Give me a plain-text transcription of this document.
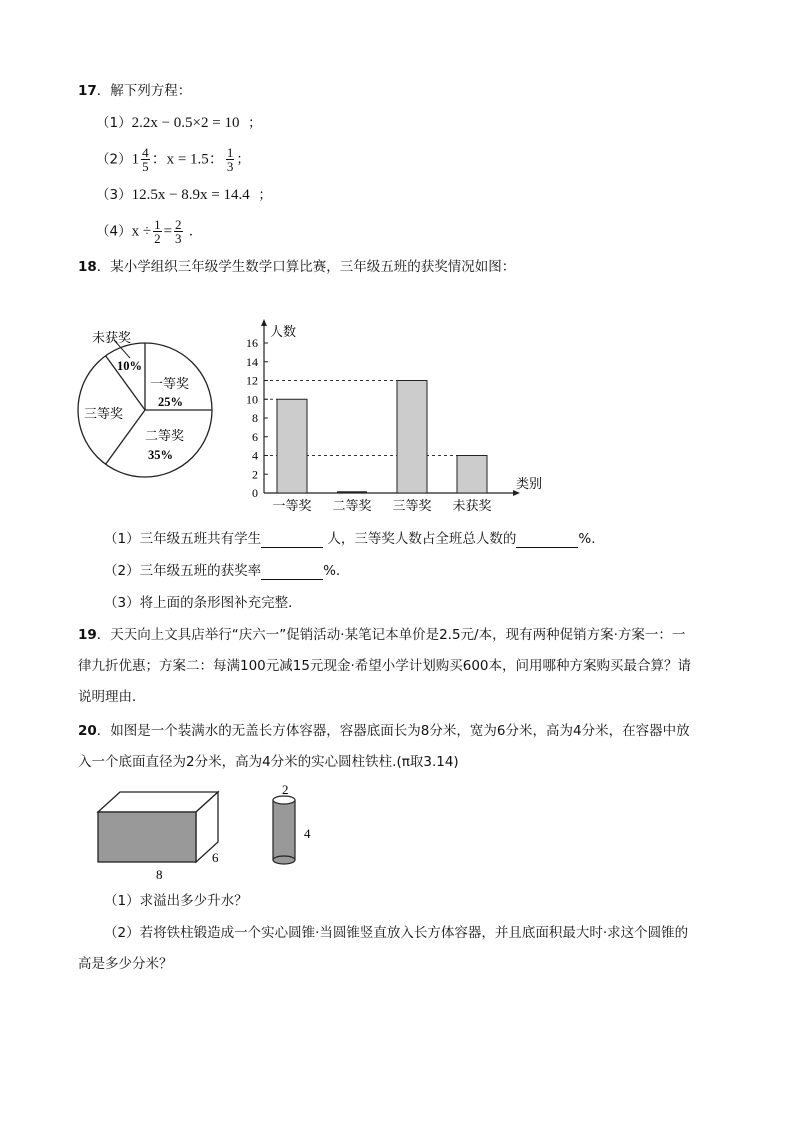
17．解下列方程：
（1）2.2x − 0.5×2 = 10 ；
$(2)1 \frac{4}{5}$ ：x = 1.5： $\frac{1}{3}$ ；
（3）12.5x − 8.9x = 14.4 ；
$(4)x \div \frac{1}{2} = \frac{2}{3}$ ．
18．某小学组织三年级学生数学口算比赛，三年级五班的获奖情况如图：
未获奖
10%
一等奖
25%
二等奖
35%
三等奖
0
2
4
6
8
10
12
14
16
一等奖 二等奖 三等奖 未获奖
人数
类别
（1）三年级五班共有学生	人，三等奖人数占全班总人数的	%.
（2）三年级五班的获奖率	%.
（3）将上面的条形图补充完整．
19．天天向上文具店举行“庆六一”促销活动·某笔记本单价是2.5元/本，现有两种促销方案·方案一：一
律九折优惠；方案二：每满100元减15元现金·希望小学计划购买600本，问用哪种方案购买最合算？请
说明理由．
20．如图是一个装满水的无盖长方体容器，容器底面长为8分米，宽为6分米，高为4分米，在容器中放
入一个底面直径为2分米，高为4分米的实心圆柱铁柱.(π取3.14)
8
6
2
4
（1）求溢出多少升水？
（2）若将铁柱锻造成一个实心圆锥·当圆锥竖直放入长方体容器，并且底面积最大时·求这个圆锥的
高是多少分米？
